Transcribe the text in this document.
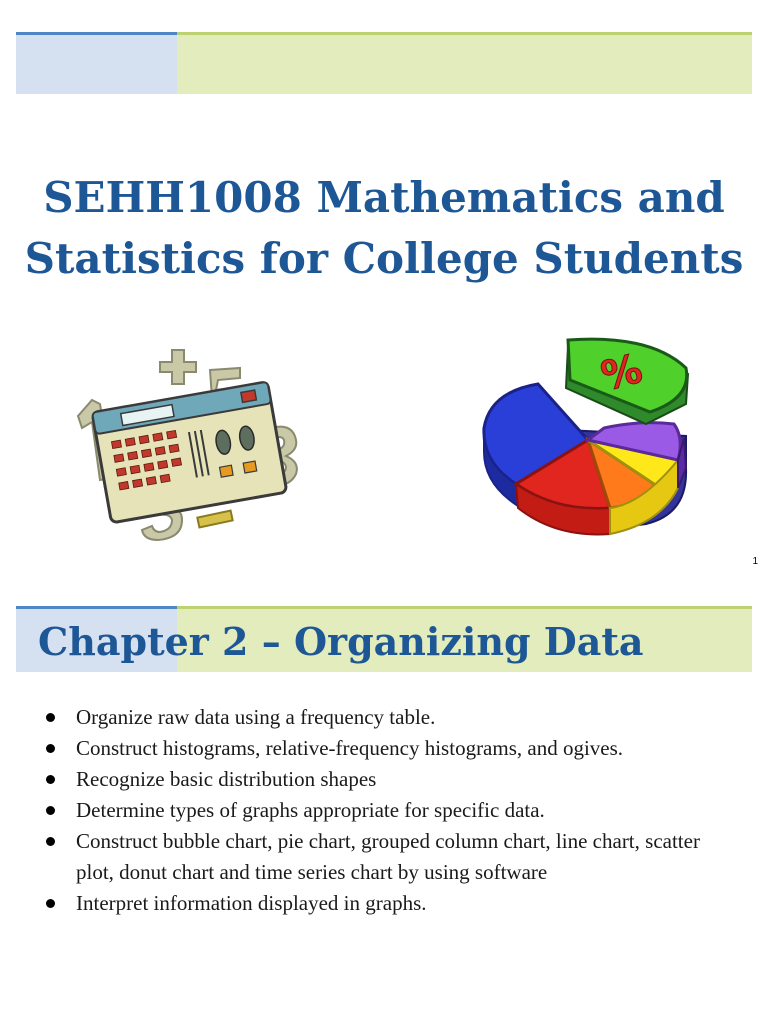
SEHH1008 Mathematics and
Statistics for College Students
%
1
Chapter 2 – Organizing Data
Organize raw data using a frequency table.
Construct histograms, relative-frequency histograms, and ogives.
Recognize basic distribution shapes
Determine types of graphs appropriate for specific data.
Construct bubble chart, pie chart, grouped column chart, line chart, scatter plot, donut chart and time series chart by using software
Interpret information displayed in graphs.
